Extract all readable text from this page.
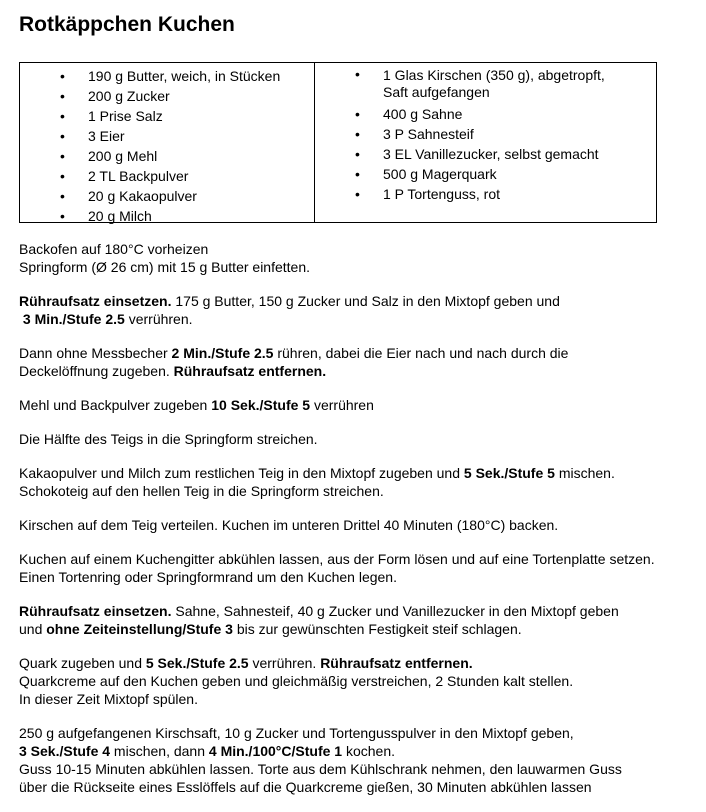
Rotkäppchen Kuchen
• 190 g Butter, weich, in Stücken
• 200 g Zucker
• 1 Prise Salz
• 3 Eier
• 200 g Mehl
• 2 TL Backpulver
• 20 g Kakaopulver
• 20 g Milch
• 1 Glas Kirschen (350 g), abgetropft,
Saft aufgefangen
• 400 g Sahne
• 3 P Sahnesteif
• 3 EL Vanillezucker, selbst gemacht
• 500 g Magerquark
• 1 P Tortenguss, rot

Backofen auf 180°C vorheizen
Springform (Ø 26 cm) mit 15 g Butter einfetten.

Rühraufsatz einsetzen. 175 g Butter, 150 g Zucker und Salz in den Mixtopf geben und
3 Min./Stufe 2.5 verrühren.

Dann ohne Messbecher 2 Min./Stufe 2.5 rühren, dabei die Eier nach und nach durch die
Deckelöffnung zugeben. Rühraufsatz entfernen.

Mehl und Backpulver zugeben 10 Sek./Stufe 5 verrühren

Die Hälfte des Teigs in die Springform streichen.

Kakaopulver und Milch zum restlichen Teig in den Mixtopf zugeben und 5 Sek./Stufe 5 mischen.
Schokoteig auf den hellen Teig in die Springform streichen.

Kirschen auf dem Teig verteilen. Kuchen im unteren Drittel 40 Minuten (180°C) backen.

Kuchen auf einem Kuchengitter abkühlen lassen, aus der Form lösen und auf eine Tortenplatte setzen.
Einen Tortenring oder Springformrand um den Kuchen legen.

Rühraufsatz einsetzen. Sahne, Sahnesteif, 40 g Zucker und Vanillezucker in den Mixtopf geben
und ohne Zeiteinstellung/Stufe 3 bis zur gewünschten Festigkeit steif schlagen.

Quark zugeben und 5 Sek./Stufe 2.5 verrühren. Rühraufsatz entfernen.
Quarkcreme auf den Kuchen geben und gleichmäßig verstreichen, 2 Stunden kalt stellen.
In dieser Zeit Mixtopf spülen.

250 g aufgefangenen Kirschsaft, 10 g Zucker und Tortengusspulver in den Mixtopf geben,
3 Sek./Stufe 4 mischen, dann 4 Min./100°C/Stufe 1 kochen.
Guss 10-15 Minuten abkühlen lassen. Torte aus dem Kühlschrank nehmen, den lauwarmen Guss
über die Rückseite eines Esslöffels auf die Quarkcreme gießen, 30 Minuten abkühlen lassen
